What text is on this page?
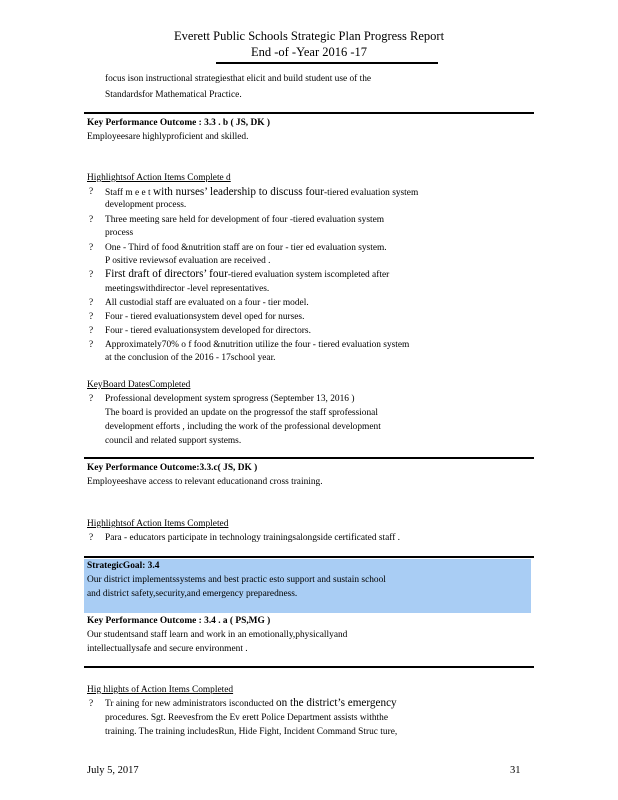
Everett Public Schools Strategic Plan Progress Report
End -of -Year 2016 -17
focus ison instructional strategiesthat elicit and build student use of the
Standardsfor Mathematical Practice.
Key Performance Outcome : 3.3 . b ( JS, DK )
Employeesare highlyproficient and skilled.
Highlightsof Action Items Complete d
? Staff m e e t with nurses’ leadership to discuss four-tiered evaluation system
development process.
? Three meeting sare held for development of four -tiered evaluation system
process
? One - Third of food &nutrition staff are on four - tier ed evaluation system.
P ositive reviewsof evaluation are received .
? First draft of directors’ four-tiered evaluation system iscompleted after
meetingswithdirector -level representatives.
? All custodial staff are evaluated on a four - tier model.
? Four - tiered evaluationsystem devel oped for nurses.
? Four - tiered evaluationsystem developed for directors.
? Approximately70% o f food &nutrition utilize the four - tiered evaluation system
at the conclusion of the 2016 - 17school year.
KeyBoard DatesCompleted
? Professional development system sprogress (September 13, 2016 )
The board is provided an update on the progressof the staff sprofessional
development efforts , including the work of the professional development
council and related support systems.
Key Performance Outcome:3.3.c( JS, DK )
Employeeshave access to relevant educationand cross training.
Highlightsof Action Items Completed
? Para - educators participate in technology trainingsalongside certificated staff .
StrategicGoal: 3.4
Our district implementssystems and best practic esto support and sustain school
and district safety,security,and emergency preparedness.
Key Performance Outcome : 3.4 . a ( PS,MG )
Our studentsand staff learn and work in an emotionally,physicallyand
intellectuallysafe and secure environment .
Hig hlights of Action Items Completed
? Tr aining for new administrators isconducted on the district’s emergency
procedures. Sgt. Reevesfrom the Ev erett Police Department assists withthe
training. The training includesRun, Hide Fight, Incident Command Struc ture,
July 5, 2017	31
